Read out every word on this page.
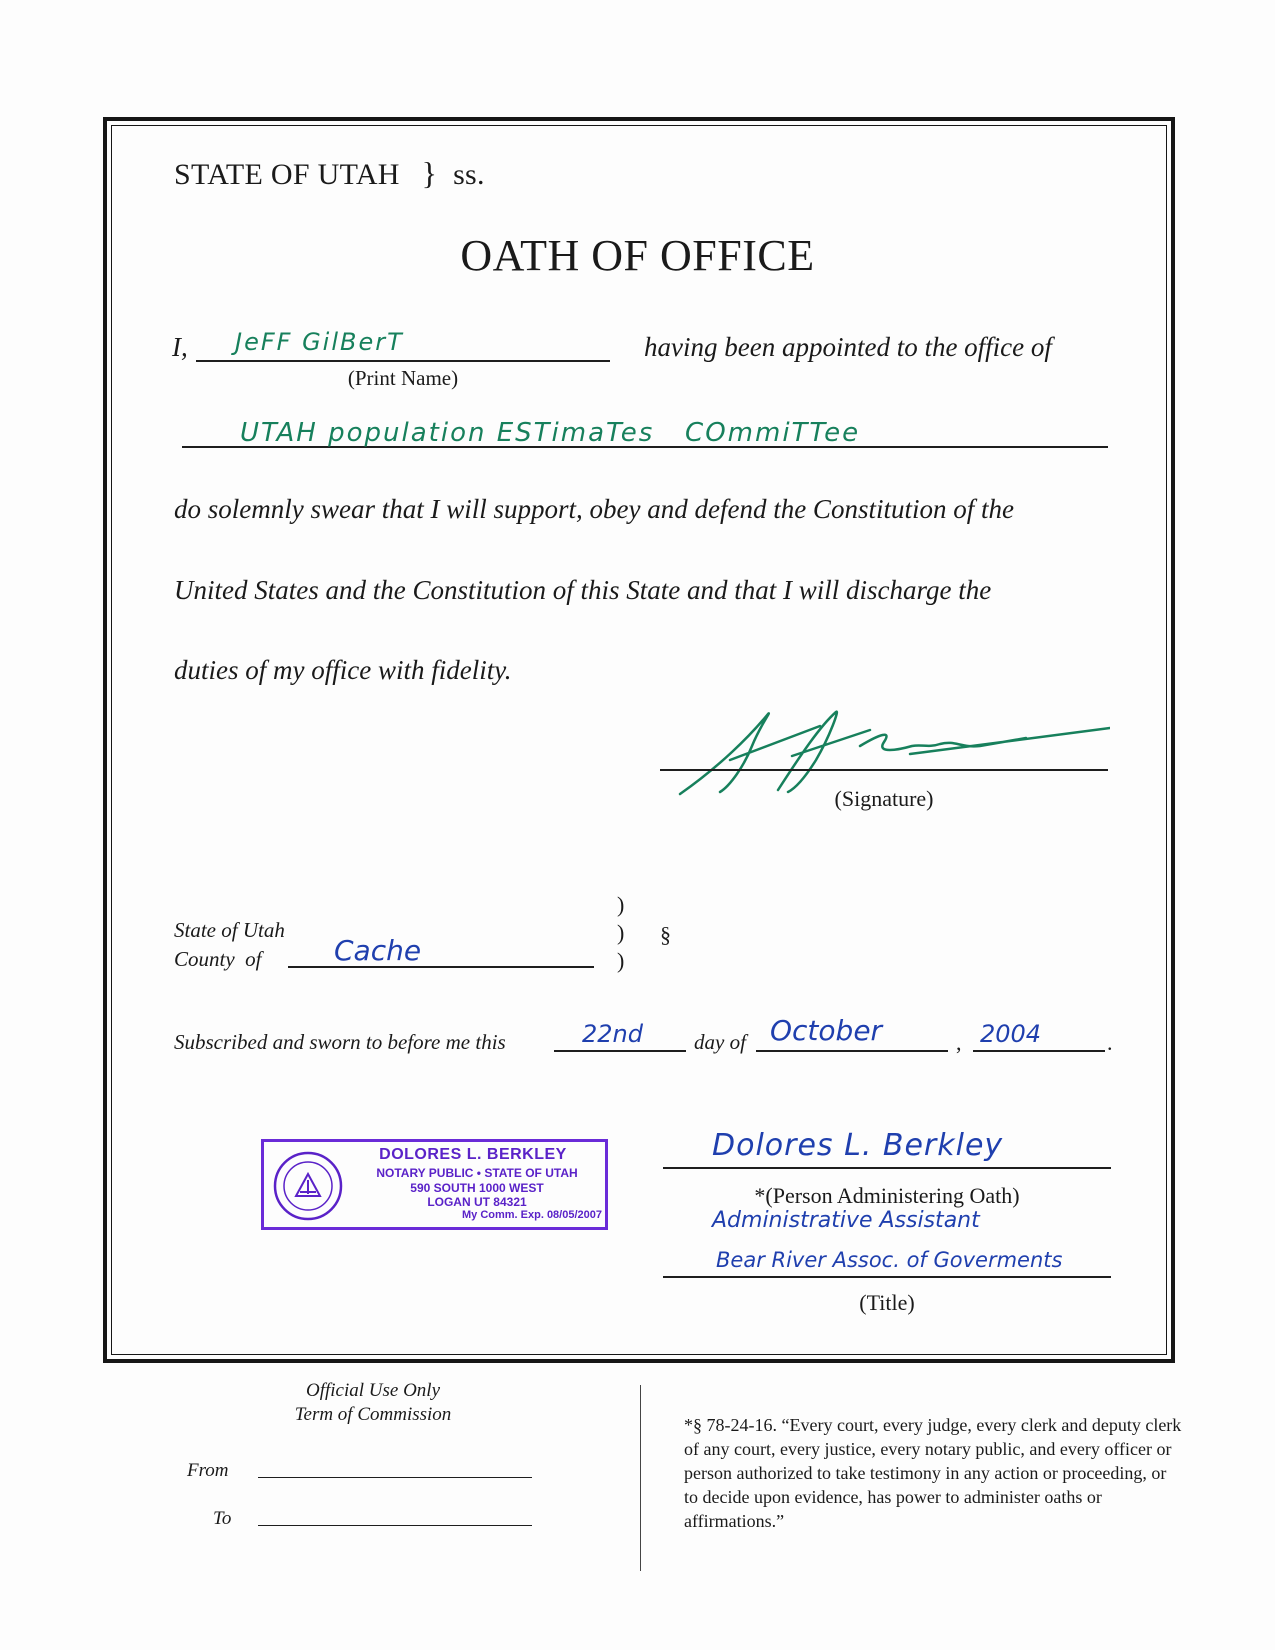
STATE OF UTAH } ss.
OATH OF OFFICE
I, JeFF GilBerT
(Print Name)
having been appointed to the office of
UTAH population ESTimaTes   COmmiTTee
do solemnly swear that I will support, obey and defend the Constitution of the
United States and the Constitution of this State and that I will discharge the
duties of my office with fidelity.
(Signature)
State of Utah
County  of	Cache
)
)
)
§
Subscribed and sworn to before me this	22nd day of October	, 2004	.
DOLORES L. BERKLEY
NOTARY PUBLIC • STATE OF UTAH
590 SOUTH 1000 WEST
LOGAN UT 84321
My Comm. Exp. 08/05/2007
Dolores L. Berkley
*(Person Administering Oath)
Administrative Assistant
Bear River Assoc. of Goverments
(Title)
Official Use Only
Term of Commission
From
To
*§ 78-24-16. “Every court, every judge, every clerk and deputy clerk of any court, every justice, every notary public, and every officer or person authorized to take testimony in any action or proceeding, or to decide upon evidence, has power to administer oaths or affirmations.”
